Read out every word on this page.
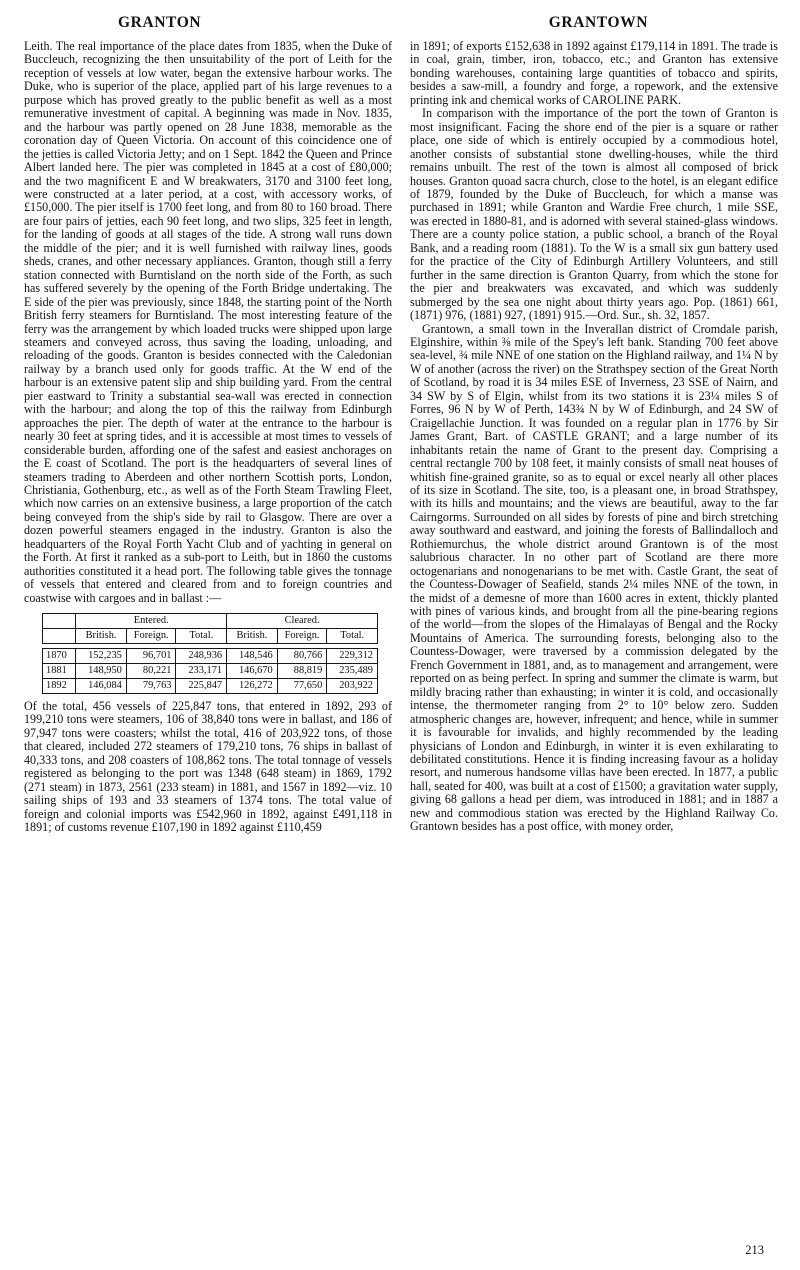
GRANTON	GRANTOWN

Leith. The real importance of the place dates from 1835, when the Duke of Buccleuch, recognizing the then unsuitability of the port of Leith for the reception of vessels at low water, began the extensive harbour works. The Duke, who is superior of the place, applied part of his large revenues to a purpose which has proved greatly to the public benefit as well as a most remunerative investment of capital. A beginning was made in Nov. 1835, and the harbour was partly opened on 28 June 1838, memorable as the coronation day of Queen Victoria. On account of this coincidence one of the jetties is called Victoria Jetty; and on 1 Sept. 1842 the Queen and Prince Albert landed here. The pier was completed in 1845 at a cost of £80,000; and the two magnificent E and W breakwaters, 3170 and 3100 feet long, were constructed at a later period, at a cost, with accessory works, of £150,000. The pier itself is 1700 feet long, and from 80 to 160 broad. There are four pairs of jetties, each 90 feet long, and two slips, 325 feet in length, for the landing of goods at all stages of the tide. A strong wall runs down the middle of the pier; and it is well furnished with railway lines, goods sheds, cranes, and other necessary appliances. Granton, though still a ferry station connected with Burntisland on the north side of the Forth, as such has suffered severely by the opening of the Forth Bridge undertaking. The E side of the pier was previously, since 1848, the starting point of the North British ferry steamers for Burntisland. The most interesting feature of the ferry was the arrangement by which loaded trucks were shipped upon large steamers and conveyed across, thus saving the loading, unloading, and reloading of the goods. Granton is besides connected with the Caledonian railway by a branch used only for goods traffic. At the W end of the harbour is an extensive patent slip and ship building yard. From the central pier eastward to Trinity a substantial sea-wall was erected in connection with the harbour; and along the top of this the railway from Edinburgh approaches the pier. The depth of water at the entrance to the harbour is nearly 30 feet at spring tides, and it is accessible at most times to vessels of considerable burden, affording one of the safest and easiest anchorages on the E coast of Scotland. The port is the headquarters of several lines of steamers trading to Aberdeen and other northern Scottish ports, London, Christiania, Gothenburg, etc., as well as of the Forth Steam Trawling Fleet, which now carries on an extensive business, a large proportion of the catch being conveyed from the ship's side by rail to Glasgow. There are over a dozen powerful steamers engaged in the industry. Granton is also the headquarters of the Royal Forth Yacht Club and of yachting in general on the Forth. At first it ranked as a sub-port to Leith, but in 1860 the customs authorities constituted it a head port. The following table gives the tonnage of vessels that entered and cleared from and to foreign countries and coastwise with cargoes and in ballast :—

	Entered.			Cleared.		
	British.	Foreign.	Total.	British.	Foreign.	Total.

1870	152,235	96,701	248,936	148,546	80,766	229,312
1881	148,950	80,221	233,171	146,670	88,819	235,489
1892	146,084	79,763	225,847	126,272	77,650	203,922

Of the total, 456 vessels of 225,847 tons, that entered in 1892, 293 of 199,210 tons were steamers, 106 of 38,840 tons were in ballast, and 186 of 97,947 tons were coasters; whilst the total, 416 of 203,922 tons, of those that cleared, included 272 steamers of 179,210 tons, 76 ships in ballast of 40,333 tons, and 208 coasters of 108,862 tons. The total tonnage of vessels registered as belonging to the port was 1348 (648 steam) in 1869, 1792 (271 steam) in 1873, 2561 (233 steam) in 1881, and 1567 in 1892—viz. 10 sailing ships of 193 and 33 steamers of 1374 tons. The total value of foreign and colonial imports was £542,960 in 1892, against £491,118 in 1891; of customs revenue £107,190 in 1892 against £110,459

in 1891; of exports £152,638 in 1892 against £179,114 in 1891. The trade is in coal, grain, timber, iron, tobacco, etc.; and Granton has extensive bonding warehouses, containing large quantities of tobacco and spirits, besides a saw-mill, a foundry and forge, a ropework, and the extensive printing ink and chemical works of CAROLINE PARK.

In comparison with the importance of the port the town of Granton is most insignificant. Facing the shore end of the pier is a square or rather place, one side of which is entirely occupied by a commodious hotel, another consists of substantial stone dwelling-houses, while the third remains unbuilt. The rest of the town is almost all composed of brick houses. Granton quoad sacra church, close to the hotel, is an elegant edifice of 1879, founded by the Duke of Buccleuch, for which a manse was purchased in 1891; while Granton and Wardie Free church, 1 mile SSE, was erected in 1880-81, and is adorned with several stained-glass windows. There are a county police station, a public school, a branch of the Royal Bank, and a reading room (1881). To the W is a small six gun battery used for the practice of the City of Edinburgh Artillery Volunteers, and still further in the same direction is Granton Quarry, from which the stone for the pier and breakwaters was excavated, and which was suddenly submerged by the sea one night about thirty years ago. Pop. (1861) 661, (1871) 976, (1881) 927, (1891) 915.—Ord. Sur., sh. 32, 1857.

Grantown, a small town in the Inverallan district of Cromdale parish, Elginshire, within ⅜ mile of the Spey's left bank. Standing 700 feet above sea-level, ¾ mile NNE of one station on the Highland railway, and 1¼ N by W of another (across the river) on the Strathspey section of the Great North of Scotland, by road it is 34 miles ESE of Inverness, 23 SSE of Nairn, and 34 SW by S of Elgin, whilst from its two stations it is 23¼ miles S of Forres, 96 N by W of Perth, 143¾ N by W of Edinburgh, and 24 SW of Craigellachie Junction. It was founded on a regular plan in 1776 by Sir James Grant, Bart. of CASTLE GRANT; and a large number of its inhabitants retain the name of Grant to the present day. Comprising a central rectangle 700 by 108 feet, it mainly consists of small neat houses of whitish fine-grained granite, so as to equal or excel nearly all other places of its size in Scotland. The site, too, is a pleasant one, in broad Strathspey, with its hills and mountains; and the views are beautiful, away to the far Cairngorms. Surrounded on all sides by forests of pine and birch stretching away southward and eastward, and joining the forests of Ballindalloch and Rothiemurchus, the whole district around Grantown is of the most salubrious character. In no other part of Scotland are there more octogenarians and nonogenarians to be met with. Castle Grant, the seat of the Countess-Dowager of Seafield, stands 2¼ miles NNE of the town, in the midst of a demesne of more than 1600 acres in extent, thickly planted with pines of various kinds, and brought from all the pine-bearing regions of the world—from the slopes of the Himalayas of Bengal and the Rocky Mountains of America. The surrounding forests, belonging also to the Countess-Dowager, were traversed by a commission delegated by the French Government in 1881, and, as to management and arrangement, were reported on as being perfect. In spring and summer the climate is warm, but mildly bracing rather than exhausting; in winter it is cold, and occasionally intense, the thermometer ranging from 2° to 10° below zero. Sudden atmospheric changes are, however, infrequent; and hence, while in summer it is favourable for invalids, and highly recommended by the leading physicians of London and Edinburgh, in winter it is even exhilarating to debilitated constitutions. Hence it is finding increasing favour as a holiday resort, and numerous handsome villas have been erected. In 1877, a public hall, seated for 400, was built at a cost of £1500; a gravitation water supply, giving 68 gallons a head per diem, was introduced in 1881; and in 1887 a new and commodious station was erected by the Highland Railway Co. Grantown besides has a post office, with money order,

213
